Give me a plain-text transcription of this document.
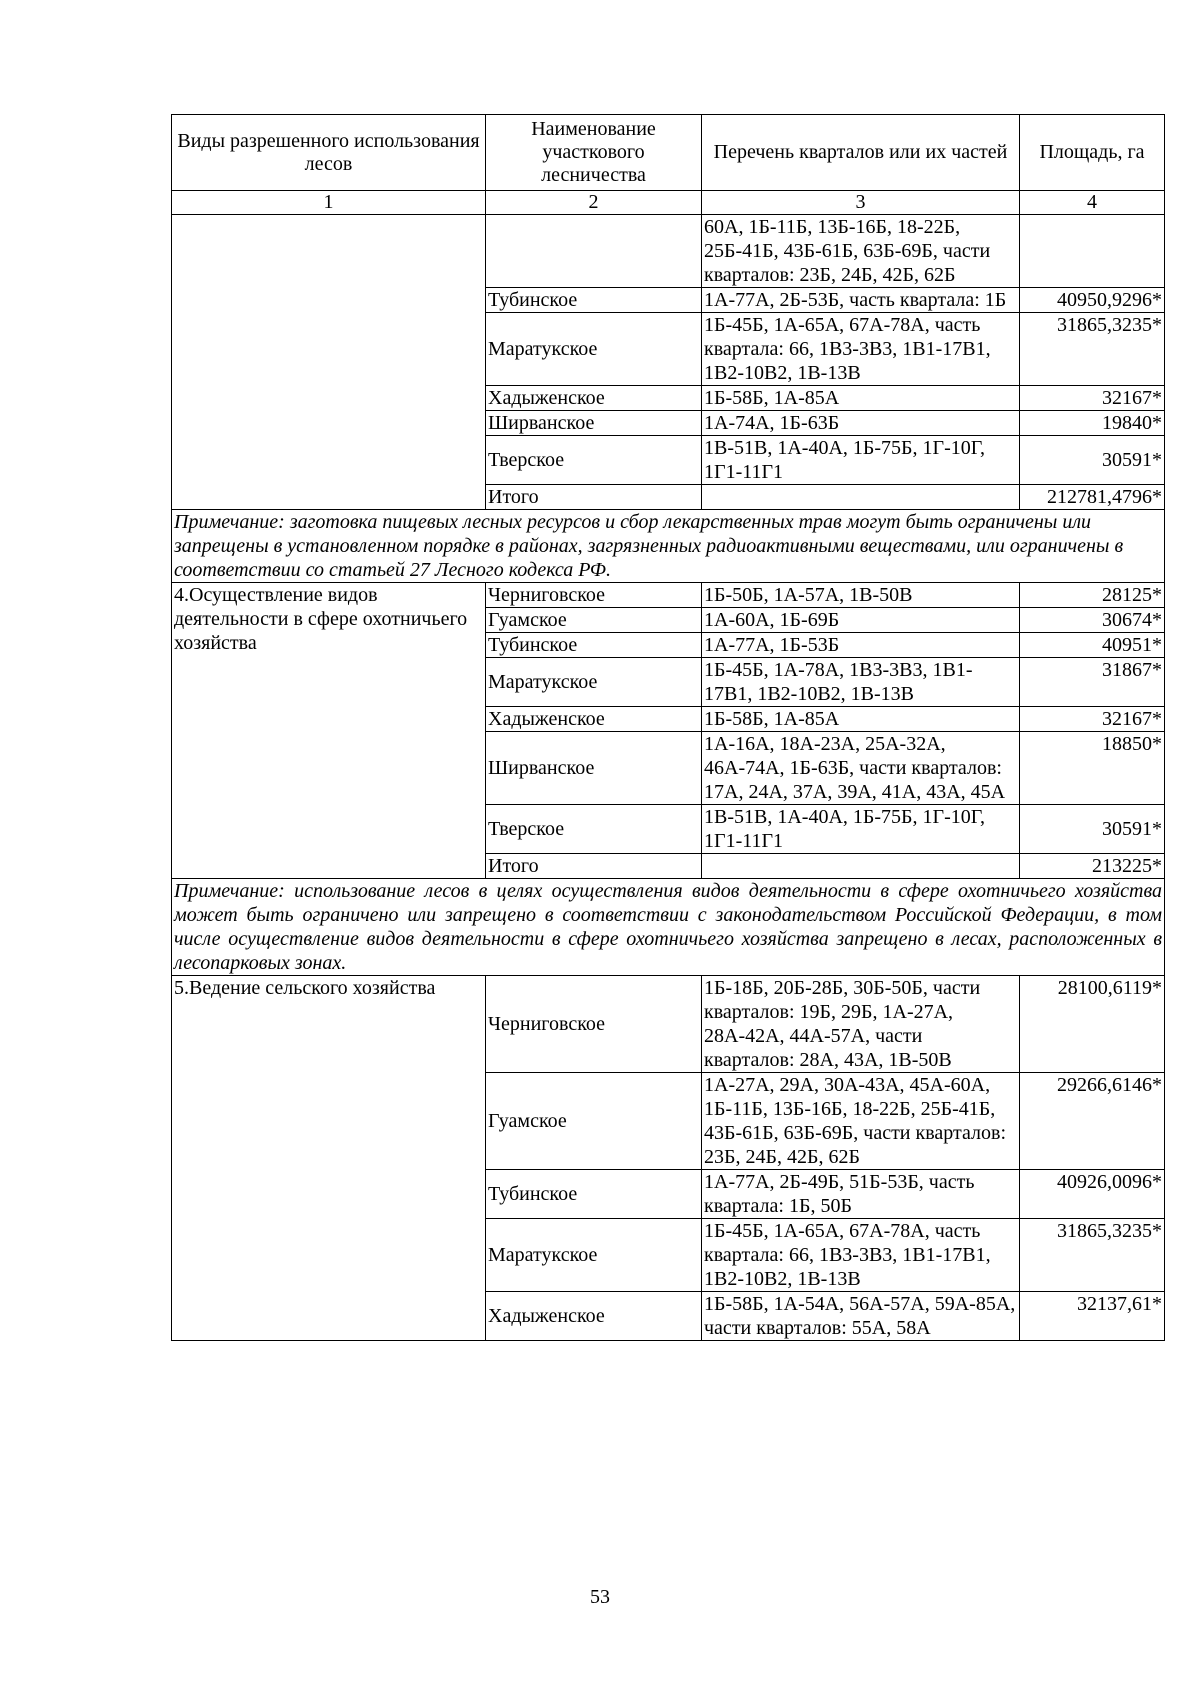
Виды разрешенного использования лесов	Наименование участкового лесничества	Перечень кварталов или их частей	Площадь, га
1	2	3	4
		60А, 1Б-11Б, 13Б-16Б, 18-22Б, 25Б-41Б, 43Б-61Б, 63Б-69Б, части кварталов: 23Б, 24Б, 42Б, 62Б	
	Тубинское	1А-77А, 2Б-53Б, часть квартала: 1Б	40950,9296*
	Маратукское	1Б-45Б, 1А-65А, 67А-78А, часть квартала: 66, 1В3-3В3, 1В1-17В1, 1В2-10В2, 1В-13В	31865,3235*
	Хадыженское	1Б-58Б, 1А-85А	32167*
	Ширванское	1А-74А, 1Б-63Б	19840*
	Тверское	1В-51В, 1А-40А, 1Б-75Б, 1Г-10Г, 1Г1-11Г1	30591*
	Итого		212781,4796*
Примечание: заготовка пищевых лесных ресурсов и сбор лекарственных трав могут быть ограничены или запрещены в установленном порядке в районах, загрязненных радиоактивными веществами, или ограничены в соответствии со статьей 27 Лесного кодекса РФ.			
4.Осуществление видов деятельности в сфере охотничьего хозяйства	Черниговское	1Б-50Б, 1А-57А, 1В-50В	28125*
	Гуамское	1А-60А, 1Б-69Б	30674*
	Тубинское	1А-77А, 1Б-53Б	40951*
	Маратукское	1Б-45Б, 1А-78А, 1В3-3В3, 1В1-17В1, 1В2-10В2, 1В-13В	31867*
	Хадыженское	1Б-58Б, 1А-85А	32167*
	Ширванское	1А-16А, 18А-23А, 25А-32А, 46А-74А, 1Б-63Б, части кварталов: 17А, 24А, 37А, 39А, 41А, 43А, 45А	18850*
	Тверское	1В-51В, 1А-40А, 1Б-75Б, 1Г-10Г, 1Г1-11Г1	30591*
	Итого		213225*
Примечание: использование лесов в целях осуществления видов деятельности в сфере охотничьего хозяйства может быть ограничено или запрещено в соответствии с законодательством Российской Федерации, в том числе осуществление видов деятельности в сфере охотничьего хозяйства запрещено в лесах, расположенных в лесопарковых зонах.			
5.Ведение сельского хозяйства	Черниговское	1Б-18Б, 20Б-28Б, 30Б-50Б, части кварталов: 19Б, 29Б, 1А-27А, 28А-42А, 44А-57А, части кварталов: 28А, 43А, 1В-50В	28100,6119*
	Гуамское	1А-27А, 29А, 30А-43А, 45А-60А, 1Б-11Б, 13Б-16Б, 18-22Б, 25Б-41Б, 43Б-61Б, 63Б-69Б, части кварталов: 23Б, 24Б, 42Б, 62Б	29266,6146*
	Тубинское	1А-77А, 2Б-49Б, 51Б-53Б, часть квартала: 1Б, 50Б	40926,0096*
	Маратукское	1Б-45Б, 1А-65А, 67А-78А, часть квартала: 66, 1В3-3В3, 1В1-17В1, 1В2-10В2, 1В-13В	31865,3235*
	Хадыженское	1Б-58Б, 1А-54А, 56А-57А, 59А-85А, части кварталов: 55А, 58А	32137,61*
53
